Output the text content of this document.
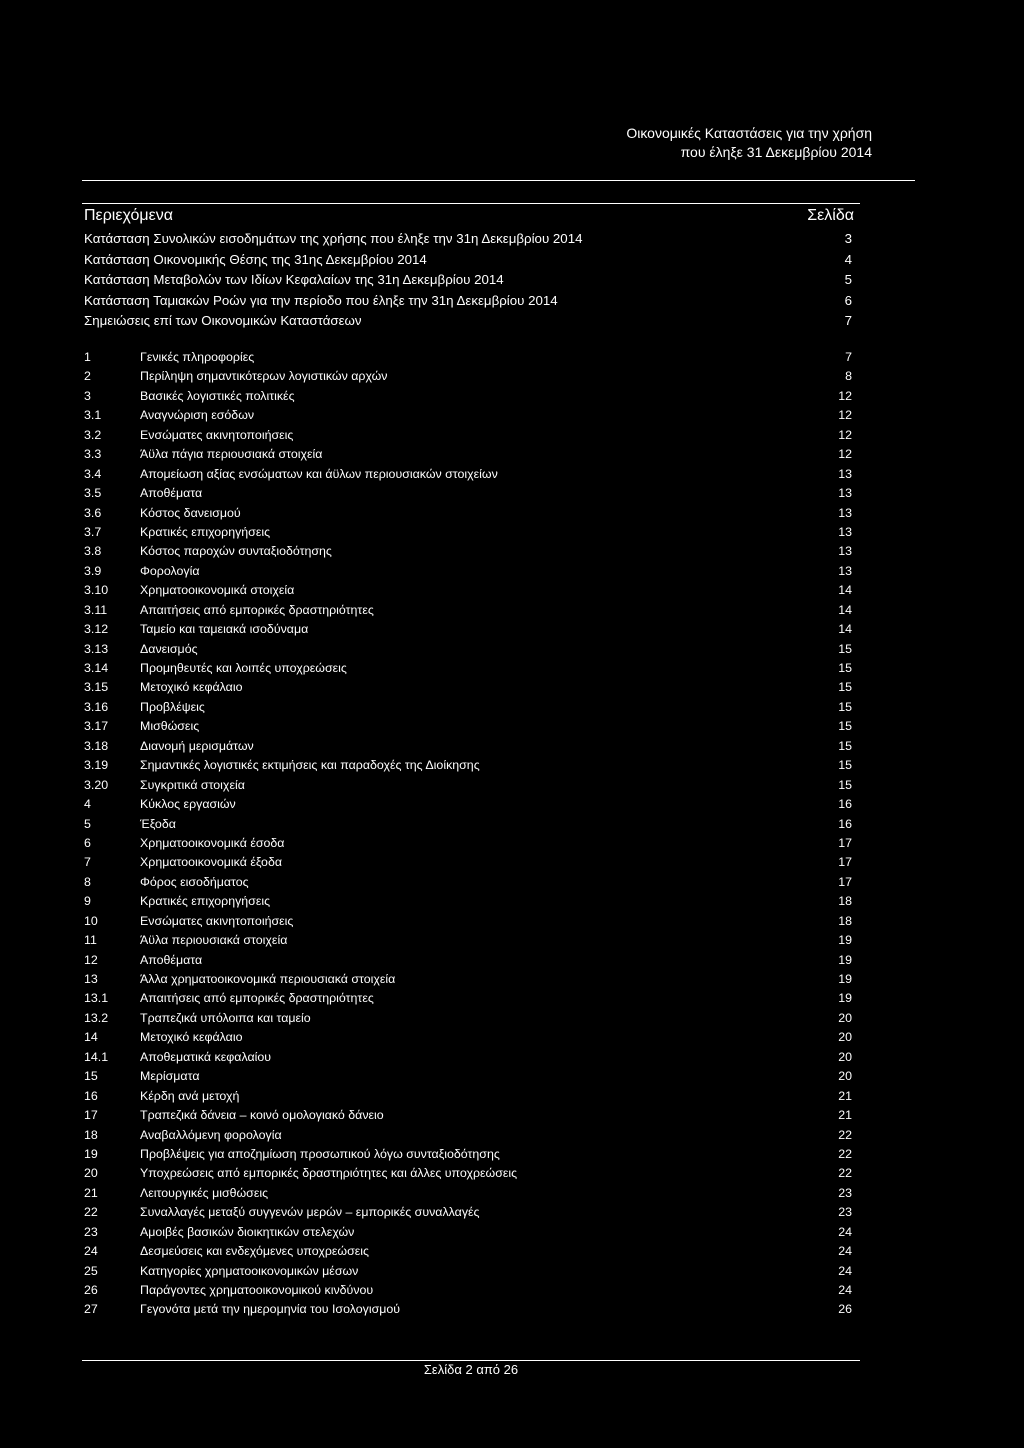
Οικονομικές Καταστάσεις για την χρήση
που έληξε 31 Δεκεμβρίου 2014
Περιεχόμενα	Σελίδα
Κατάσταση Συνολικών εισοδημάτων της χρήσης που έληξε την 31η Δεκεμβρίου 2014	3
Κατάσταση Οικονομικής Θέσης της 31ης Δεκεμβρίου 2014	4
Κατάσταση Μεταβολών των Ιδίων Κεφαλαίων της 31η Δεκεμβρίου 2014	5
Κατάσταση Ταμιακών Ροών για την περίοδο που έληξε την 31η Δεκεμβρίου 2014	6
Σημειώσεις επί των Οικονομικών Καταστάσεων	7
1	Γενικές πληροφορίες	7
2	Περίληψη σημαντικότερων λογιστικών αρχών	8
3	Βασικές λογιστικές πολιτικές	12
3.1	Αναγνώριση εσόδων	12
3.2	Ενσώματες ακινητοποιήσεις	12
3.3	Άϋλα πάγια περιουσιακά στοιχεία	12
3.4	Απομείωση αξίας ενσώματων και άϋλων περιουσιακών στοιχείων	13
3.5	Αποθέματα	13
3.6	Κόστος δανεισμού	13
3.7	Κρατικές επιχορηγήσεις	13
3.8	Κόστος παροχών συνταξιοδότησης	13
3.9	Φορολογία	13
3.10	Χρηματοοικονομικά στοιχεία	14
3.11	Απαιτήσεις από εμπορικές δραστηριότητες	14
3.12	Ταμείο και ταμειακά ισοδύναμα	14
3.13	Δανεισμός	15
3.14	Προμηθευτές και λοιπές υποχρεώσεις	15
3.15	Μετοχικό κεφάλαιο	15
3.16	Προβλέψεις	15
3.17	Μισθώσεις	15
3.18	Διανομή μερισμάτων	15
3.19	Σημαντικές λογιστικές εκτιμήσεις και παραδοχές της Διοίκησης	15
3.20	Συγκριτικά στοιχεία	15
4	Κύκλος εργασιών	16
5	Έξοδα	16
6	Χρηματοοικονομικά έσοδα	17
7	Χρηματοοικονομικά έξοδα	17
8	Φόρος εισοδήματος	17
9	Κρατικές επιχορηγήσεις	18
10	Ενσώματες ακινητοποιήσεις	18
11	Άϋλα περιουσιακά στοιχεία	19
12	Αποθέματα	19
13	Άλλα χρηματοοικονομικά περιουσιακά στοιχεία	19
13.1	Απαιτήσεις από εμπορικές δραστηριότητες	19
13.2	Τραπεζικά υπόλοιπα και ταμείο	20
14	Μετοχικό κεφάλαιο	20
14.1	Αποθεματικά κεφαλαίου	20
15	Μερίσματα	20
16	Κέρδη ανά μετοχή	21
17	Τραπεζικά δάνεια – κοινό ομολογιακό δάνειο	21
18	Αναβαλλόμενη φορολογία	22
19	Προβλέψεις για αποζημίωση προσωπικού λόγω συνταξιοδότησης	22
20	Υποχρεώσεις από εμπορικές δραστηριότητες και άλλες υποχρεώσεις	22
21	Λειτουργικές μισθώσεις	23
22	Συναλλαγές μεταξύ συγγενών μερών – εμπορικές συναλλαγές	23
23	Αμοιβές βασικών διοικητικών στελεχών	24
24	Δεσμεύσεις και ενδεχόμενες υποχρεώσεις	24
25	Κατηγορίες χρηματοοικονομικών μέσων	24
26	Παράγοντες χρηματοοικονομικού κινδύνου	24
27	Γεγονότα μετά την ημερομηνία του Ισολογισμού	26
Σελίδα 2 από 26
